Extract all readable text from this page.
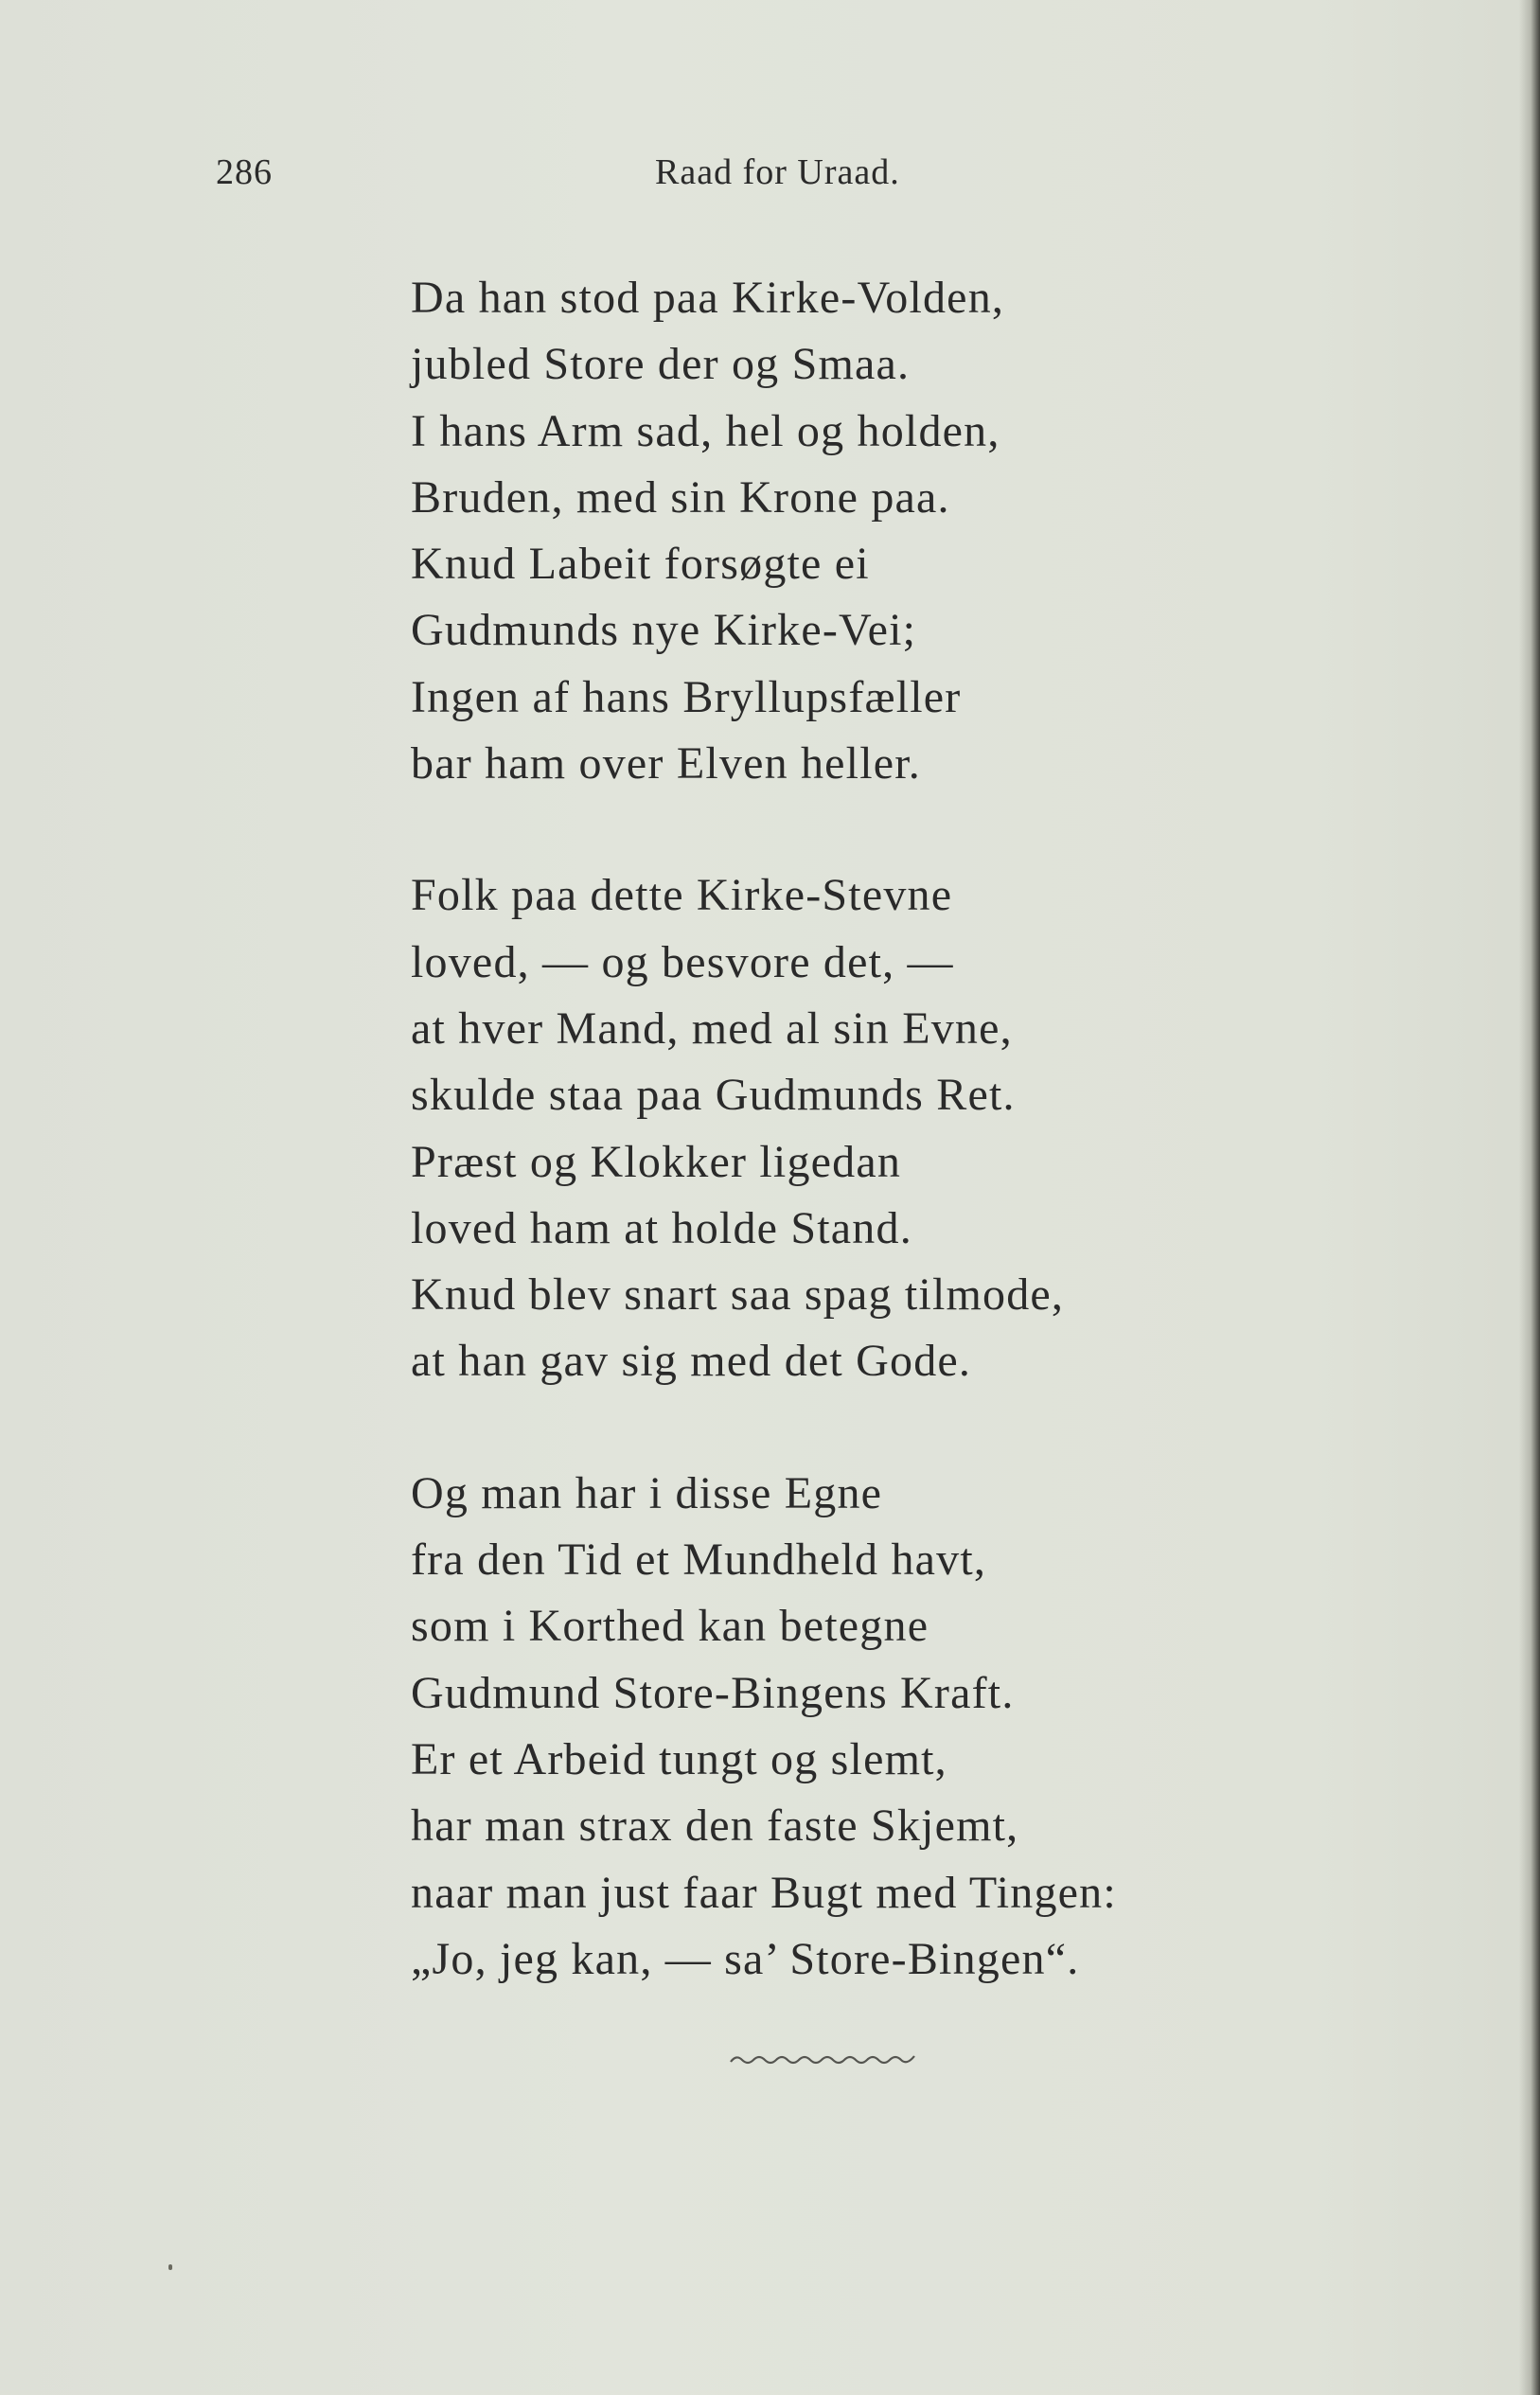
286	Raad for Uraad.
Da han stod paa Kirke-Volden,
jubled Store der og Smaa.
I hans Arm sad, hel og holden,
Bruden, med sin Krone paa.
Knud Labeit forsøgte ei
Gudmunds nye Kirke-Vei;
Ingen af hans Bryllupsfæller
bar ham over Elven heller.
Folk paa dette Kirke-Stevne
loved, — og besvore det, —
at hver Mand, med al sin Evne,
skulde staa paa Gudmunds Ret.
Præst og Klokker ligedan
loved ham at holde Stand.
Knud blev snart saa spag tilmode,
at han gav sig med det Gode.
Og man har i disse Egne
fra den Tid et Mundheld havt,
som i Korthed kan betegne
Gudmund Store-Bingens Kraft.
Er et Arbeid tungt og slemt,
har man strax den faste Skjemt,
naar man just faar Bugt med Tingen:
„Jo, jeg kan, — sa’ Store-Bingen“.
